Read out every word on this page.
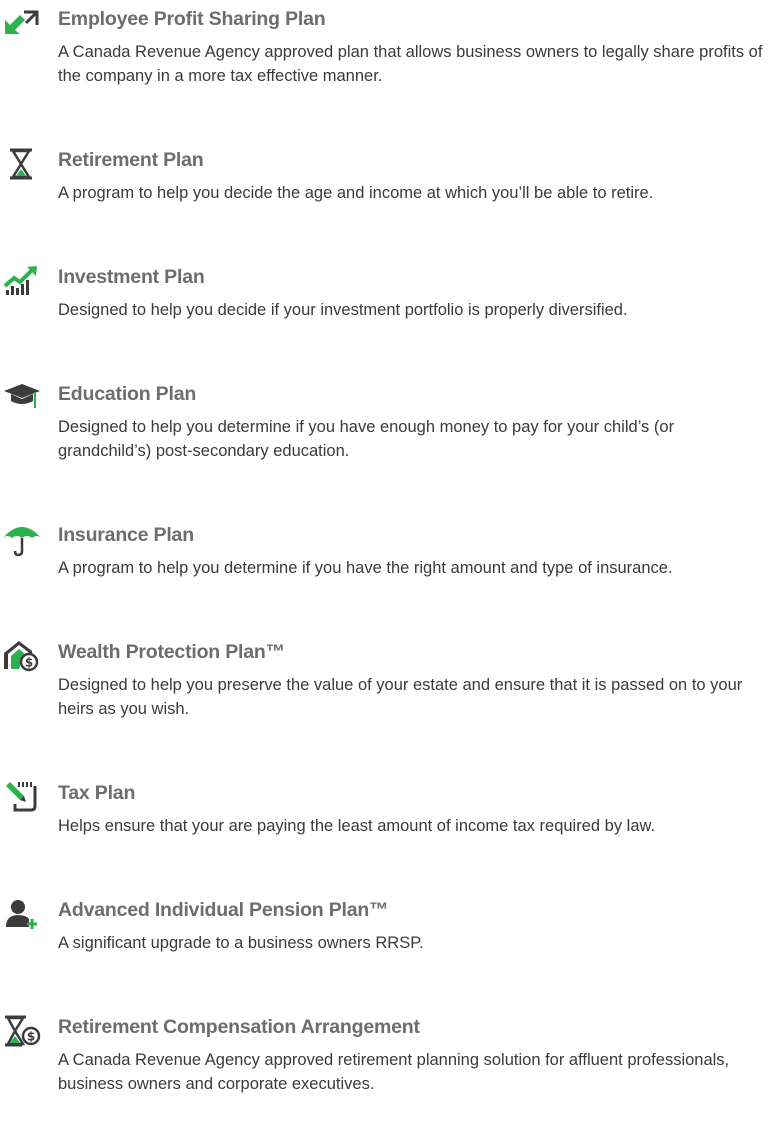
Employee Profit Sharing Plan

A Canada Revenue Agency approved plan that allows business owners to legally share profits of the company in a more tax effective manner.

Retirement Plan

A program to help you decide the age and income at which you’ll be able to retire.

Investment Plan

Designed to help you decide if your investment portfolio is properly diversified.

Education Plan

Designed to help you determine if you have enough money to pay for your child’s (or grandchild’s) post-secondary education.

Insurance Plan

A program to help you determine if you have the right amount and type of insurance.

$ Wealth Protection Plan™

Designed to help you preserve the value of your estate and ensure that it is passed on to your heirs as you wish.

Tax Plan

Helps ensure that your are paying the least amount of income tax required by law.

Advanced Individual Pension Plan™

A significant upgrade to a business owners RRSP.

$ Retirement Compensation Arrangement

A Canada Revenue Agency approved retirement planning solution for affluent professionals, business owners and corporate executives.
